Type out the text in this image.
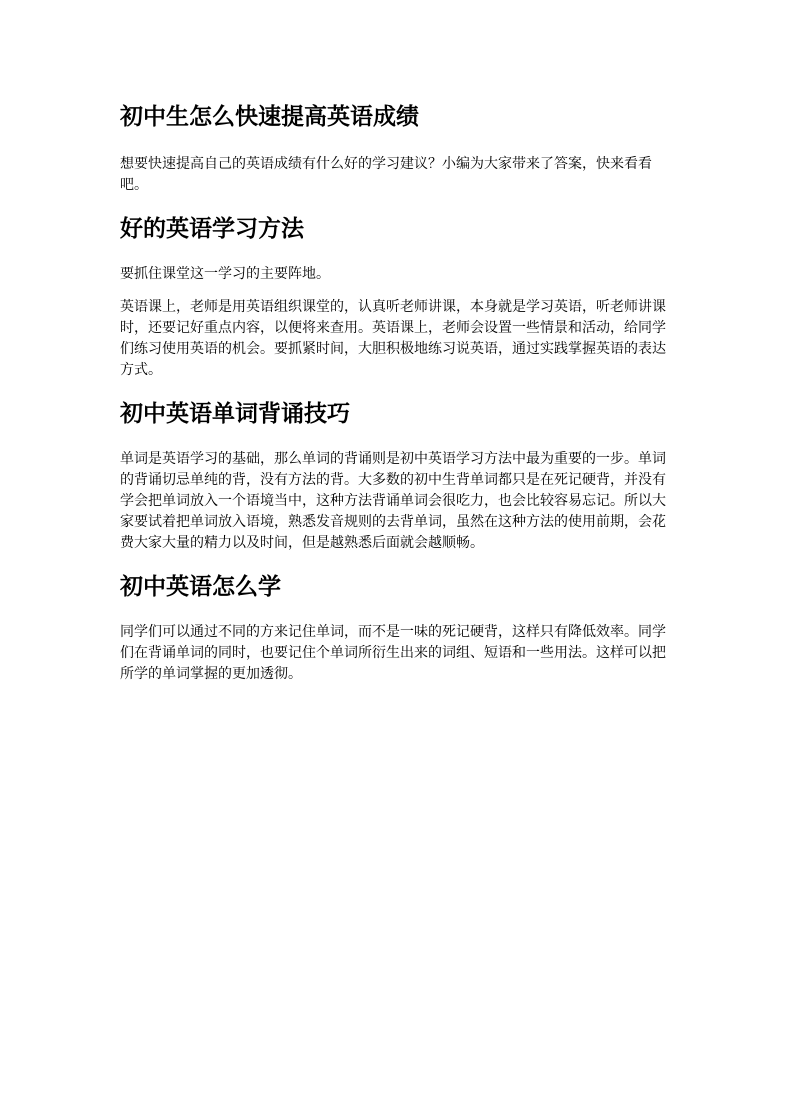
初中生怎么快速提高英语成绩

想要快速提高自己的英语成绩有什么好的学习建议？小编为大家带来了答案，快来看看吧。

好的英语学习方法

要抓住课堂这一学习的主要阵地。

英语课上，老师是用英语组织课堂的，认真听老师讲课，本身就是学习英语，听老师讲课时，还要记好重点内容，以便将来查用。英语课上，老师会设置一些情景和活动，给同学们练习使用英语的机会。要抓紧时间，大胆积极地练习说英语，通过实践掌握英语的表达方式。

初中英语单词背诵技巧

单词是英语学习的基础，那么单词的背诵则是初中英语学习方法中最为重要的一步。单词的背诵切忌单纯的背，没有方法的背。大多数的初中生背单词都只是在死记硬背，并没有学会把单词放入一个语境当中，这种方法背诵单词会很吃力，也会比较容易忘记。所以大家要试着把单词放入语境，熟悉发音规则的去背单词，虽然在这种方法的使用前期，会花费大家大量的精力以及时间，但是越熟悉后面就会越顺畅。

初中英语怎么学

同学们可以通过不同的方来记住单词，而不是一味的死记硬背，这样只有降低效率。同学们在背诵单词的同时，也要记住个单词所衍生出来的词组、短语和一些用法。这样可以把所学的单词掌握的更加透彻。
